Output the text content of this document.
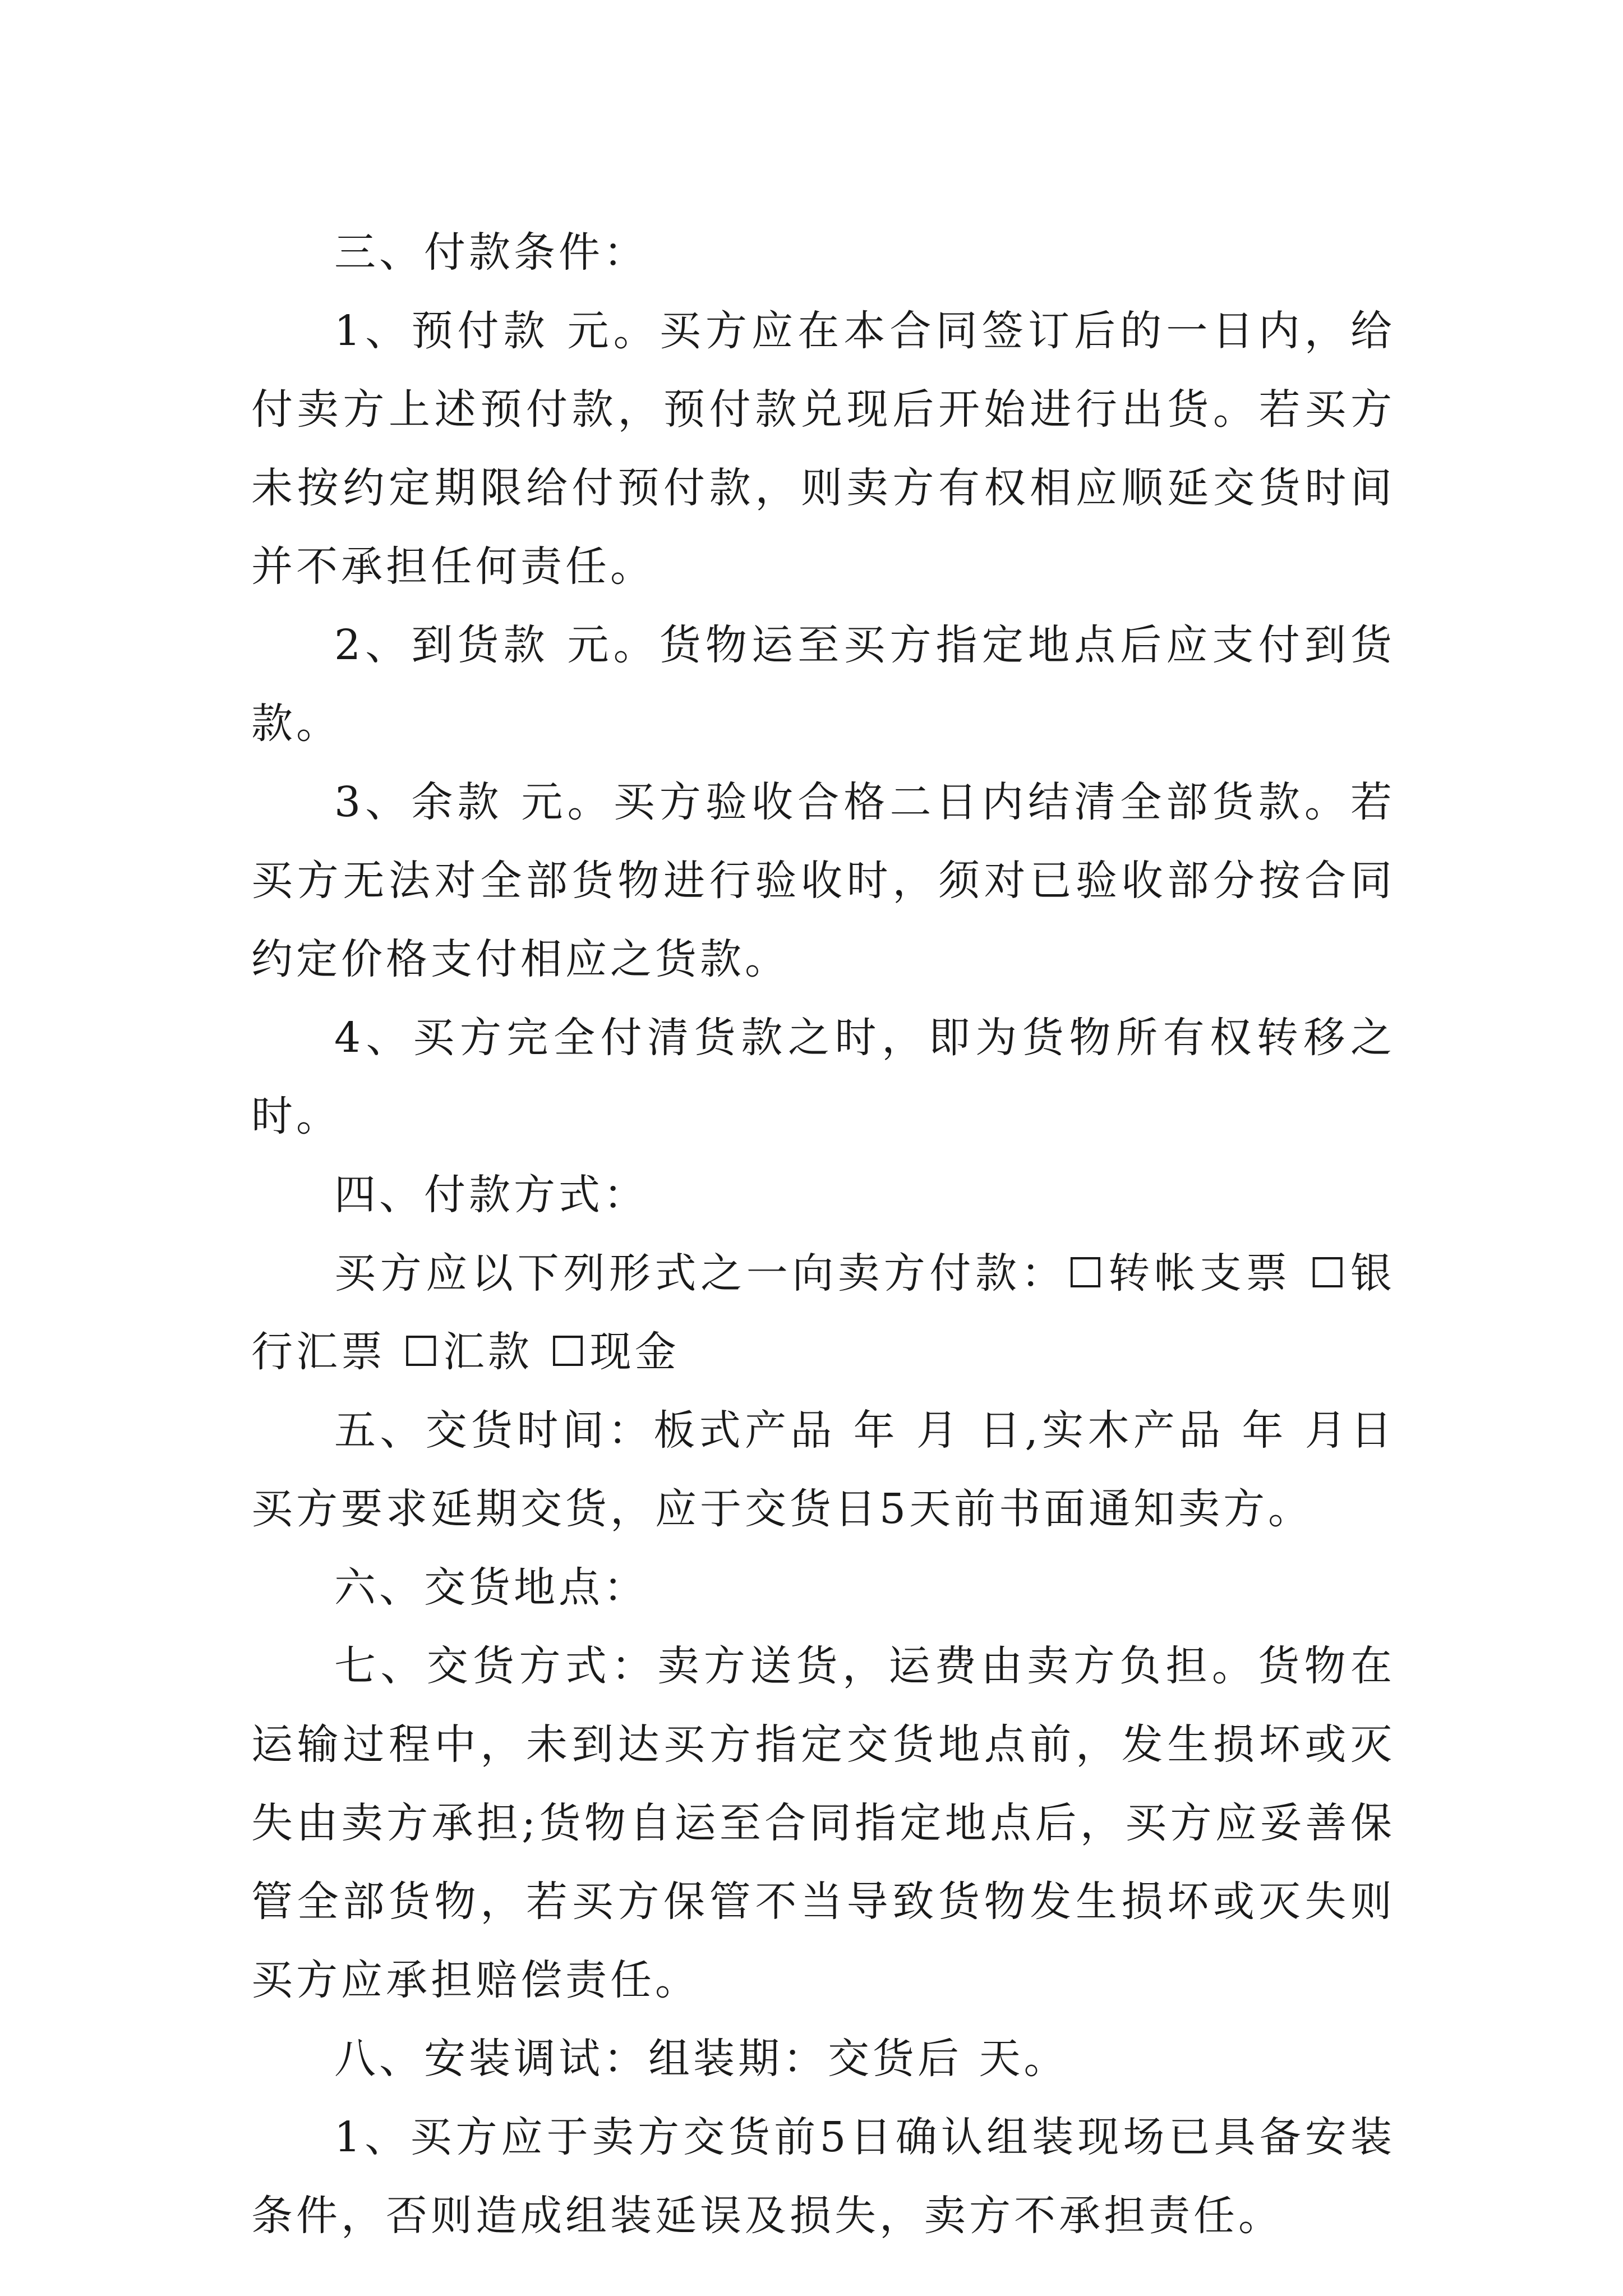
三、付款条件：

1、预付款 元。买方应在本合同签订后的一日内，给付卖方上述预付款，预付款兑现后开始进行出货。若买方未按约定期限给付预付款，则卖方有权相应顺延交货时间并不承担任何责任。

2、到货款 元。货物运至买方指定地点后应支付到货款。

3、余款 元。买方验收合格二日内结清全部货款。若买方无法对全部货物进行验收时，须对已验收部分按合同约定价格支付相应之货款。

4、买方完全付清货款之时，即为货物所有权转移之时。

四、付款方式：

买方应以下列形式之一向卖方付款：☐转帐支票 ☐银行汇票 ☐汇款 ☐现金

五、交货时间：板式产品 年 月 日,实木产品 年 月日买方要求延期交货，应于交货日5天前书面通知卖方。

六、交货地点：

七、交货方式：卖方送货，运费由卖方负担。货物在运输过程中，未到达买方指定交货地点前，发生损坏或灭失由卖方承担;货物自运至合同指定地点后，买方应妥善保管全部货物，若买方保管不当导致货物发生损坏或灭失则买方应承担赔偿责任。

八、安装调试：组装期：交货后 天。

1、买方应于卖方交货前5日确认组装现场已具备安装条件，否则造成组装延误及损失，卖方不承担责任。
